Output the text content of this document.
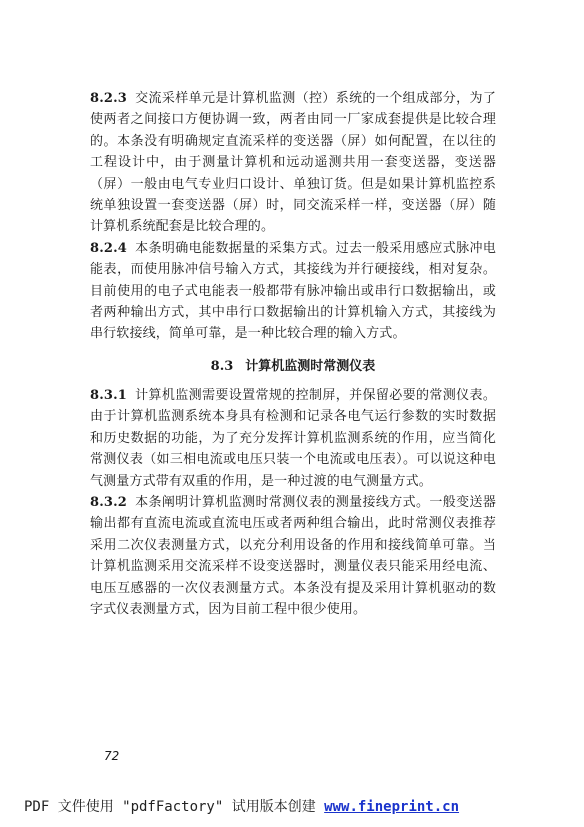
8.2.3 交流采样单元是计算机监测（控）系统的一个组成部分，为了使两者之间接口方便协调一致，两者由同一厂家成套提供是比较合理的。本条没有明确规定直流采样的变送器（屏）如何配置，在以往的工程设计中，由于测量计算机和远动遥测共用一套变送器，变送器（屏）一般由电气专业归口设计、单独订货。但是如果计算机监控系统单独设置一套变送器（屏）时，同交流采样一样，变送器（屏）随计算机系统配套是比较合理的。

8.2.4 本条明确电能数据量的采集方式。过去一般采用感应式脉冲电能表，而使用脉冲信号输入方式，其接线为并行硬接线，相对复杂。目前使用的电子式电能表一般都带有脉冲输出或串行口数据输出，或者两种输出方式，其中串行口数据输出的计算机输入方式，其接线为串行软接线，简单可靠，是一种比较合理的输入方式。

8.3 计算机监测时常测仪表

8.3.1 计算机监测需要设置常规的控制屏，并保留必要的常测仪表。由于计算机监测系统本身具有检测和记录各电气运行参数的实时数据和历史数据的功能，为了充分发挥计算机监测系统的作用，应当简化常测仪表（如三相电流或电压只装一个电流或电压表）。可以说这种电气测量方式带有双重的作用，是一种过渡的电气测量方式。

8.3.2 本条阐明计算机监测时常测仪表的测量接线方式。一般变送器输出都有直流电流或直流电压或者两种组合输出，此时常测仪表推荐采用二次仪表测量方式，以充分利用设备的作用和接线简单可靠。当计算机监测采用交流采样不设变送器时，测量仪表只能采用经电流、电压互感器的一次仪表测量方式。本条没有提及采用计算机驱动的数字式仪表测量方式，因为目前工程中很少使用。

72
PDF 文件使用 "pdfFactory" 试用版本创建 www.fineprint.cn
